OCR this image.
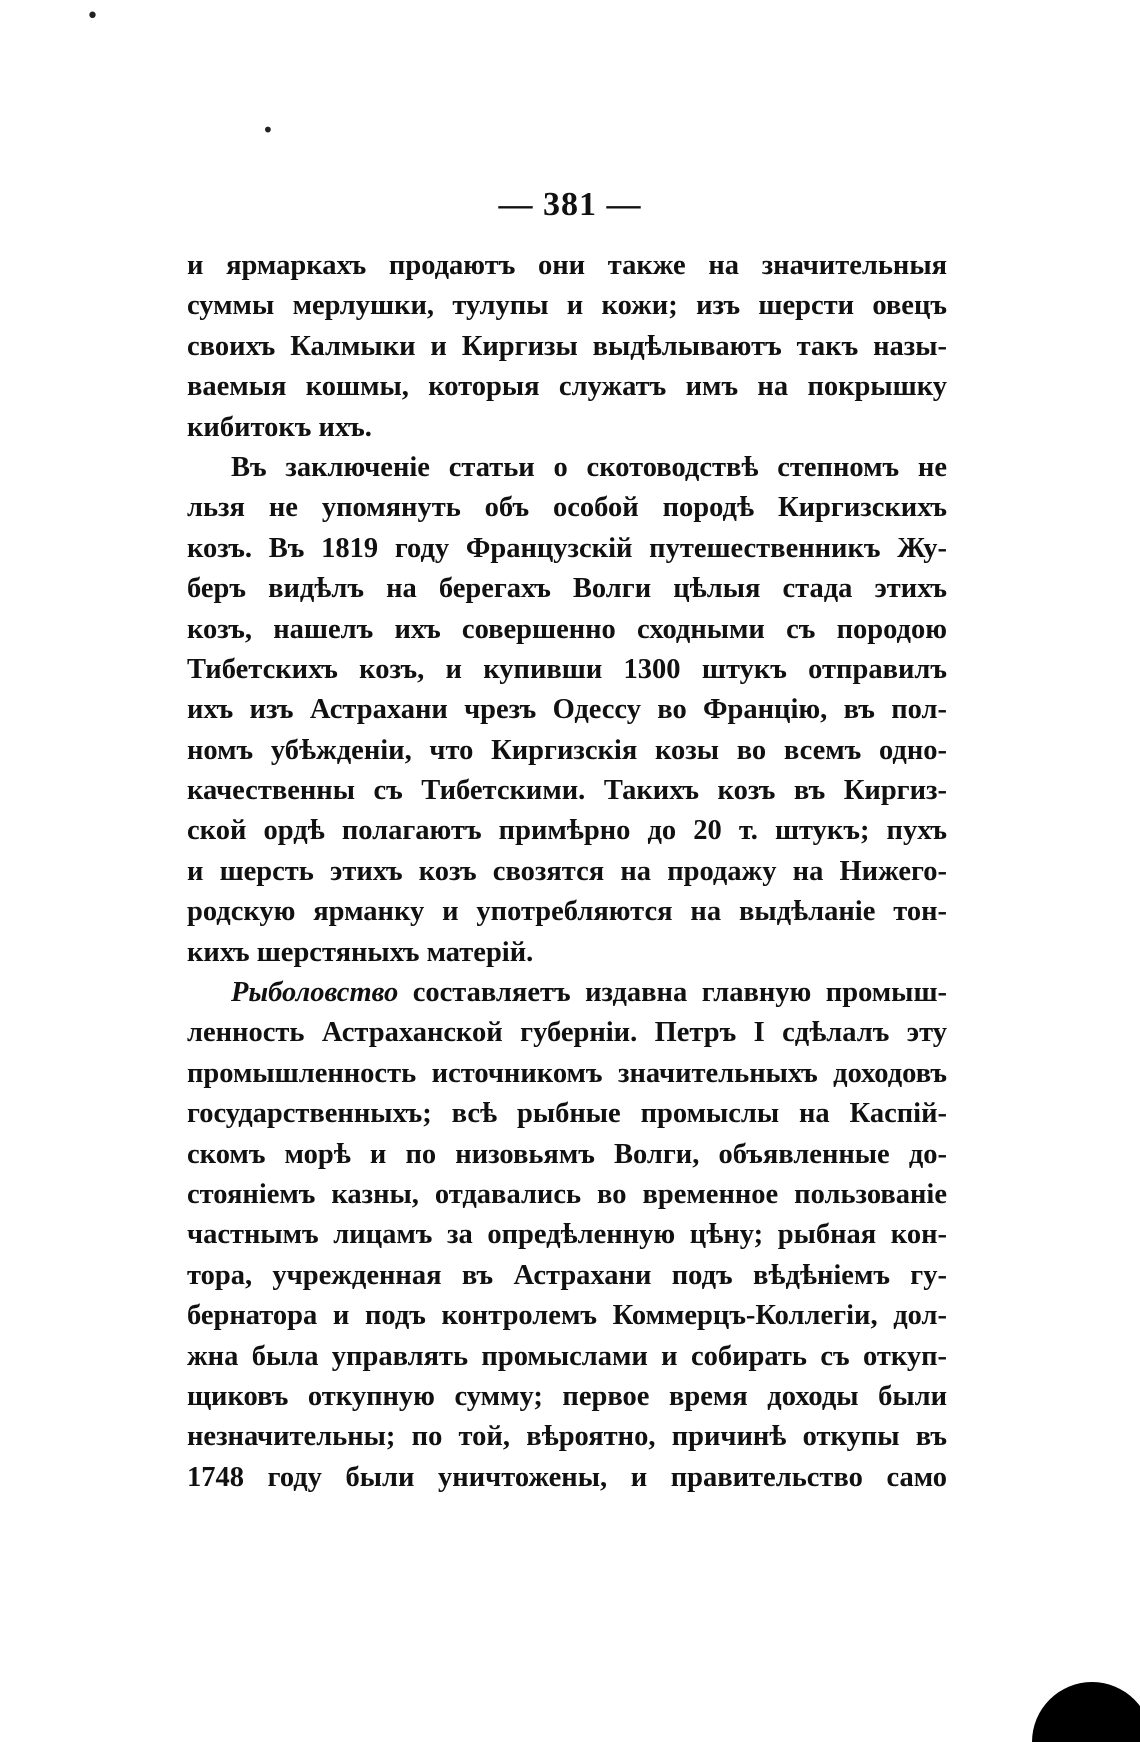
— 381 —
и ярмаркахъ продаютъ они также на значительныя
суммы мерлушки, тулупы и кожи; изъ шерсти овецъ
своихъ Калмыки и Киргизы выдѣлываютъ такъ назы-
ваемыя кошмы, которыя служатъ имъ на покрышку
кибитокъ ихъ.
Въ заключеніе статьи о скотоводствѣ степномъ не
льзя не упомянуть объ особой породѣ Киргизскихъ
козъ. Въ 1819 году Французскій путешественникъ Жу-
беръ видѣлъ на берегахъ Волги цѣлыя стада этихъ
козъ, нашелъ ихъ совершенно сходными съ породою
Тибетскихъ козъ, и купивши 1300 штукъ отправилъ
ихъ изъ Астрахани чрезъ Одессу во Францію, въ пол-
номъ убѣжденіи, что Киргизскія козы во всемъ одно-
качественны съ Тибетскими. Такихъ козъ въ Киргиз-
ской ордѣ полагаютъ примѣрно до 20 т. штукъ; пухъ
и шерсть этихъ козъ свозятся на продажу на Нижего-
родскую ярманку и употребляются на выдѣланіе тон-
кихъ шерстяныхъ матерій.
Рыболовство составляетъ издавна главную промыш-
ленность Астраханской губерніи. Петръ I сдѣлалъ эту
промышленность источникомъ значительныхъ доходовъ
государственныхъ; всѣ рыбные промыслы на Каспій-
скомъ морѣ и по низовьямъ Волги, объявленные до-
стояніемъ казны, отдавались во временное пользованіе
частнымъ лицамъ за опредѣленную цѣну; рыбная кон-
тора, учрежденная въ Астрахани подъ вѣдѣніемъ гу-
бернатора и подъ контролемъ Коммерцъ-Коллегіи, дол-
жна была управлять промыслами и собирать съ откуп-
щиковъ откупную сумму; первое время доходы были
незначительны; по той, вѣроятно, причинѣ откупы въ
1748 году были уничтожены, и правительство само
•
•
